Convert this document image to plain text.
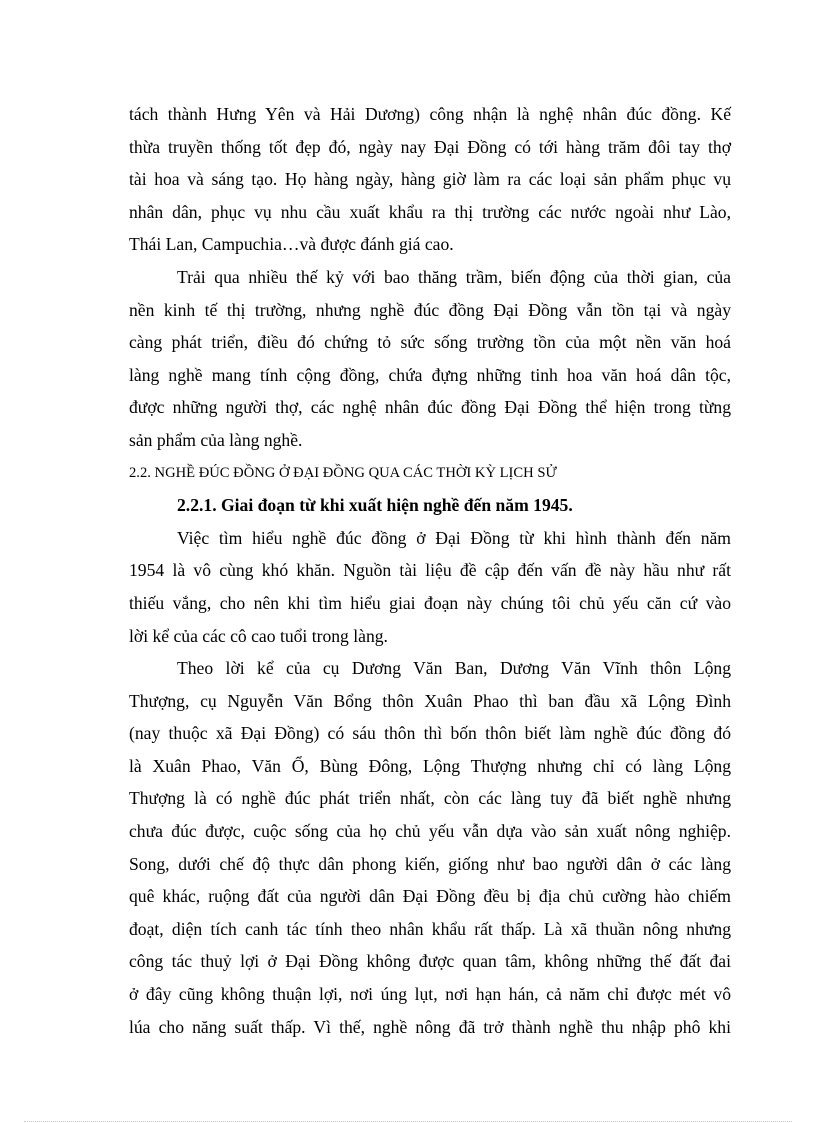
tách thành Hưng Yên và Hải Dương) công nhận là nghệ nhân đúc đồng. Kế
thừa truyền thống tốt đẹp đó, ngày nay Đại Đồng có tới hàng trăm đôi tay thợ
tài hoa và sáng tạo. Họ hàng ngày, hàng giờ làm ra các loại sản phẩm phục vụ
nhân dân, phục vụ nhu cầu xuất khẩu ra thị trường các nước ngoài như Lào,
Thái Lan, Campuchia…và được đánh giá cao.

Trải qua nhiều thế kỷ với bao thăng trầm, biến động của thời gian, của
nền kinh tế thị trường, nhưng nghề đúc đồng Đại Đồng vẫn tồn tại và ngày
càng phát triển, điều đó chứng tỏ sức sống trường tồn của một nền văn hoá
làng nghề mang tính cộng đồng, chứa đựng những tinh hoa văn hoá dân tộc,
được những người thợ, các nghệ nhân đúc đồng Đại Đồng thể hiện trong từng
sản phẩm của làng nghề.

2.2. NGHỀ ĐÚC ĐỒNG Ở ĐẠI ĐỒNG QUA CÁC THỜI KỲ LỊCH SỬ

2.2.1. Giai đoạn từ khi xuất hiện nghề đến năm 1945.

Việc tìm hiểu nghề đúc đồng ở Đại Đồng từ khi hình thành đến năm
1954 là vô cùng khó khăn. Nguồn tài liệu đề cập đến vấn đề này hầu như rất
thiếu vắng, cho nên khi tìm hiểu giai đoạn này chúng tôi chủ yếu căn cứ vào
lời kể của các cô cao tuổi trong làng.

Theo lời kể của cụ Dương Văn Ban, Dương Văn Vĩnh thôn Lộng
Thượng, cụ Nguyễn Văn Bổng thôn Xuân Phao thì ban đầu xã Lộng Đình
(nay thuộc xã Đại Đồng) có sáu thôn thì bốn thôn biết làm nghề đúc đồng đó
là Xuân Phao, Văn Ổ, Bùng Đông, Lộng Thượng nhưng chỉ có làng Lộng
Thượng là có nghề đúc phát triển nhất, còn các làng tuy đã biết nghề nhưng
chưa đúc được, cuộc sống của họ chủ yếu vẫn dựa vào sản xuất nông nghiệp.
Song, dưới chế độ thực dân phong kiến, giống như bao người dân ở các làng
quê khác, ruộng đất của người dân Đại Đồng đều bị địa chủ cường hào chiếm
đoạt, diện tích canh tác tính theo nhân khẩu rất thấp. Là xã thuần nông nhưng
công tác thuỷ lợi ở Đại Đồng không được quan tâm, không những thế đất đai
ở đây cũng không thuận lợi, nơi úng lụt, nơi hạn hán, cả năm chỉ được mét vô
lúa cho năng suất thấp. Vì thế, nghề nông đã trở thành nghề thu nhập phô khi
